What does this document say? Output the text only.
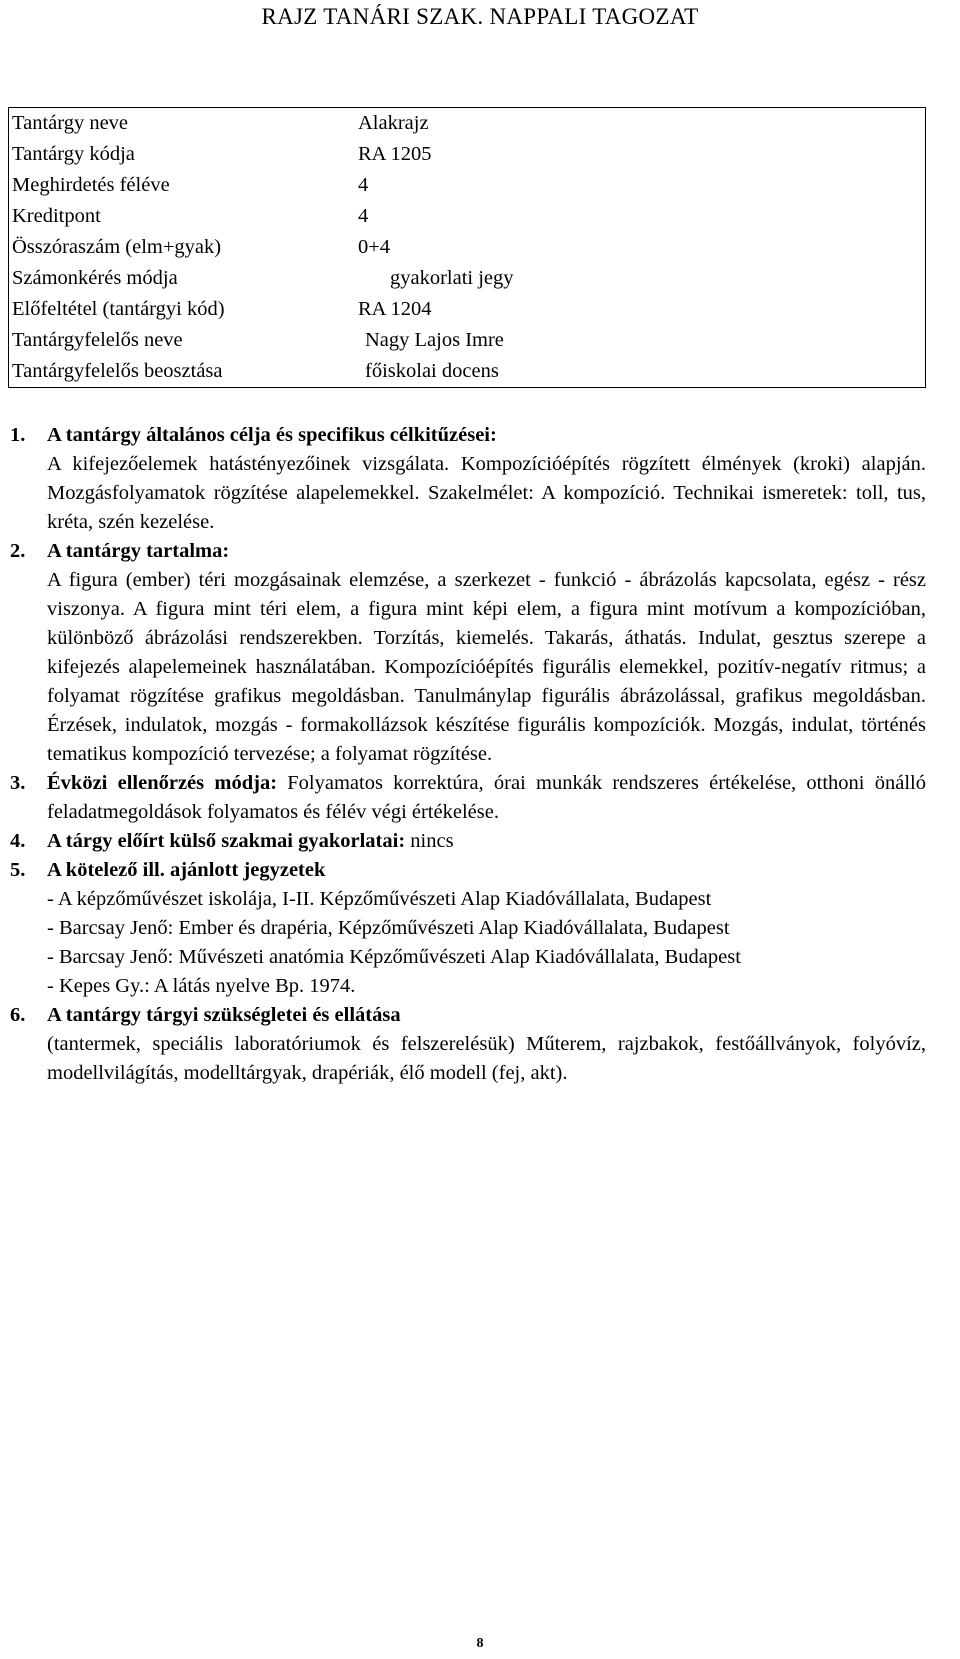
RAJZ TANÁRI SZAK. NAPPALI TAGOZAT
Tantárgy neve	Alakrajz
Tantárgy kódja	RA 1205
Meghirdetés féléve	4
Kreditpont	4
Összóraszám (elm+gyak)	0+4
Számonkérés módja	gyakorlati jegy
Előfeltétel (tantárgyi kód)	RA 1204
Tantárgyfelelős neve	Nagy Lajos Imre
Tantárgyfelelős beosztása	főiskolai docens
1.	A tantárgy általános célja és specifikus célkitűzései:
A kifejezőelemek hatástényezőinek vizsgálata. Kompozícióépítés rögzített élmények (kroki) alapján. Mozgásfolyamatok rögzítése alapelemekkel. Szakelmélet: A kompozíció. Technikai ismeretek: toll, tus, kréta, szén kezelése.
2.	A tantárgy tartalma:
A figura (ember) téri mozgásainak elemzése, a szerkezet - funkció - ábrázolás kapcsolata, egész - rész viszonya. A figura mint téri elem, a figura mint képi elem, a figura mint motívum a kompozícióban, különböző ábrázolási rendszerekben. Torzítás, kiemelés. Takarás, áthatás. Indulat, gesztus szerepe a kifejezés alapelemeinek használatában. Kompozícióépítés figurális elemekkel, pozitív-negatív ritmus; a folyamat rögzítése grafikus megoldásban. Tanulmánylap figurális ábrázolással, grafikus megoldásban. Érzések, indulatok, mozgás - formakollázsok készítése figurális kompozíciók. Mozgás, indulat, történés tematikus kompozíció tervezése; a folyamat rögzítése.
3.	Évközi ellenőrzés módja: Folyamatos korrektúra, órai munkák rendszeres értékelése, otthoni önálló feladatmegoldások folyamatos és félév végi értékelése.
4.	A tárgy előírt külső szakmai gyakorlatai: nincs
5.	A kötelező ill. ajánlott jegyzetek
- A képzőművészet iskolája, I-II. Képzőművészeti Alap Kiadóvállalata, Budapest
- Barcsay Jenő: Ember és drapéria, Képzőművészeti Alap Kiadóvállalata, Budapest
- Barcsay Jenő: Művészeti anatómia Képzőművészeti Alap Kiadóvállalata, Budapest
- Kepes Gy.: A látás nyelve Bp. 1974.
6.	A tantárgy tárgyi szükségletei és ellátása
(tantermek, speciális laboratóriumok és felszerelésük) Műterem, rajzbakok, festőállványok, folyóvíz, modellvilágítás, modelltárgyak, drapériák, élő modell (fej, akt).
8
